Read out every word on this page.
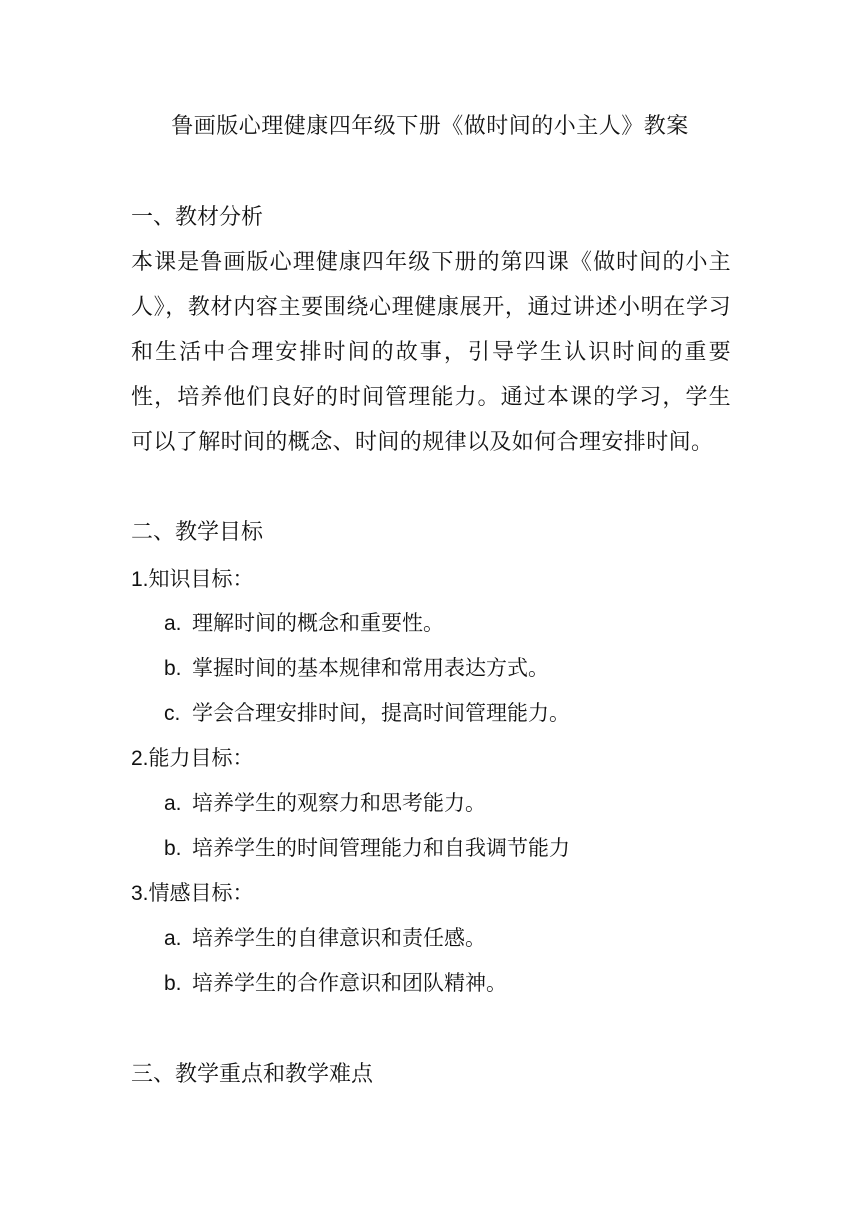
鲁画版心理健康四年级下册《做时间的小主人》教案
一、教材分析
本课是鲁画版心理健康四年级下册的第四课《做时间的小主人》，教材内容主要围绕心理健康展开，通过讲述小明在学习和生活中合理安排时间的故事，引导学生认识时间的重要性，培养他们良好的时间管理能力。通过本课的学习，学生可以了解时间的概念、时间的规律以及如何合理安排时间。
二、教学目标
1.知识目标：
a. 理解时间的概念和重要性。
b. 掌握时间的基本规律和常用表达方式。
c. 学会合理安排时间，提高时间管理能力。
2.能力目标：
a. 培养学生的观察力和思考能力。
b. 培养学生的时间管理能力和自我调节能力
3.情感目标：
a. 培养学生的自律意识和责任感。
b. 培养学生的合作意识和团队精神。
三、教学重点和教学难点
